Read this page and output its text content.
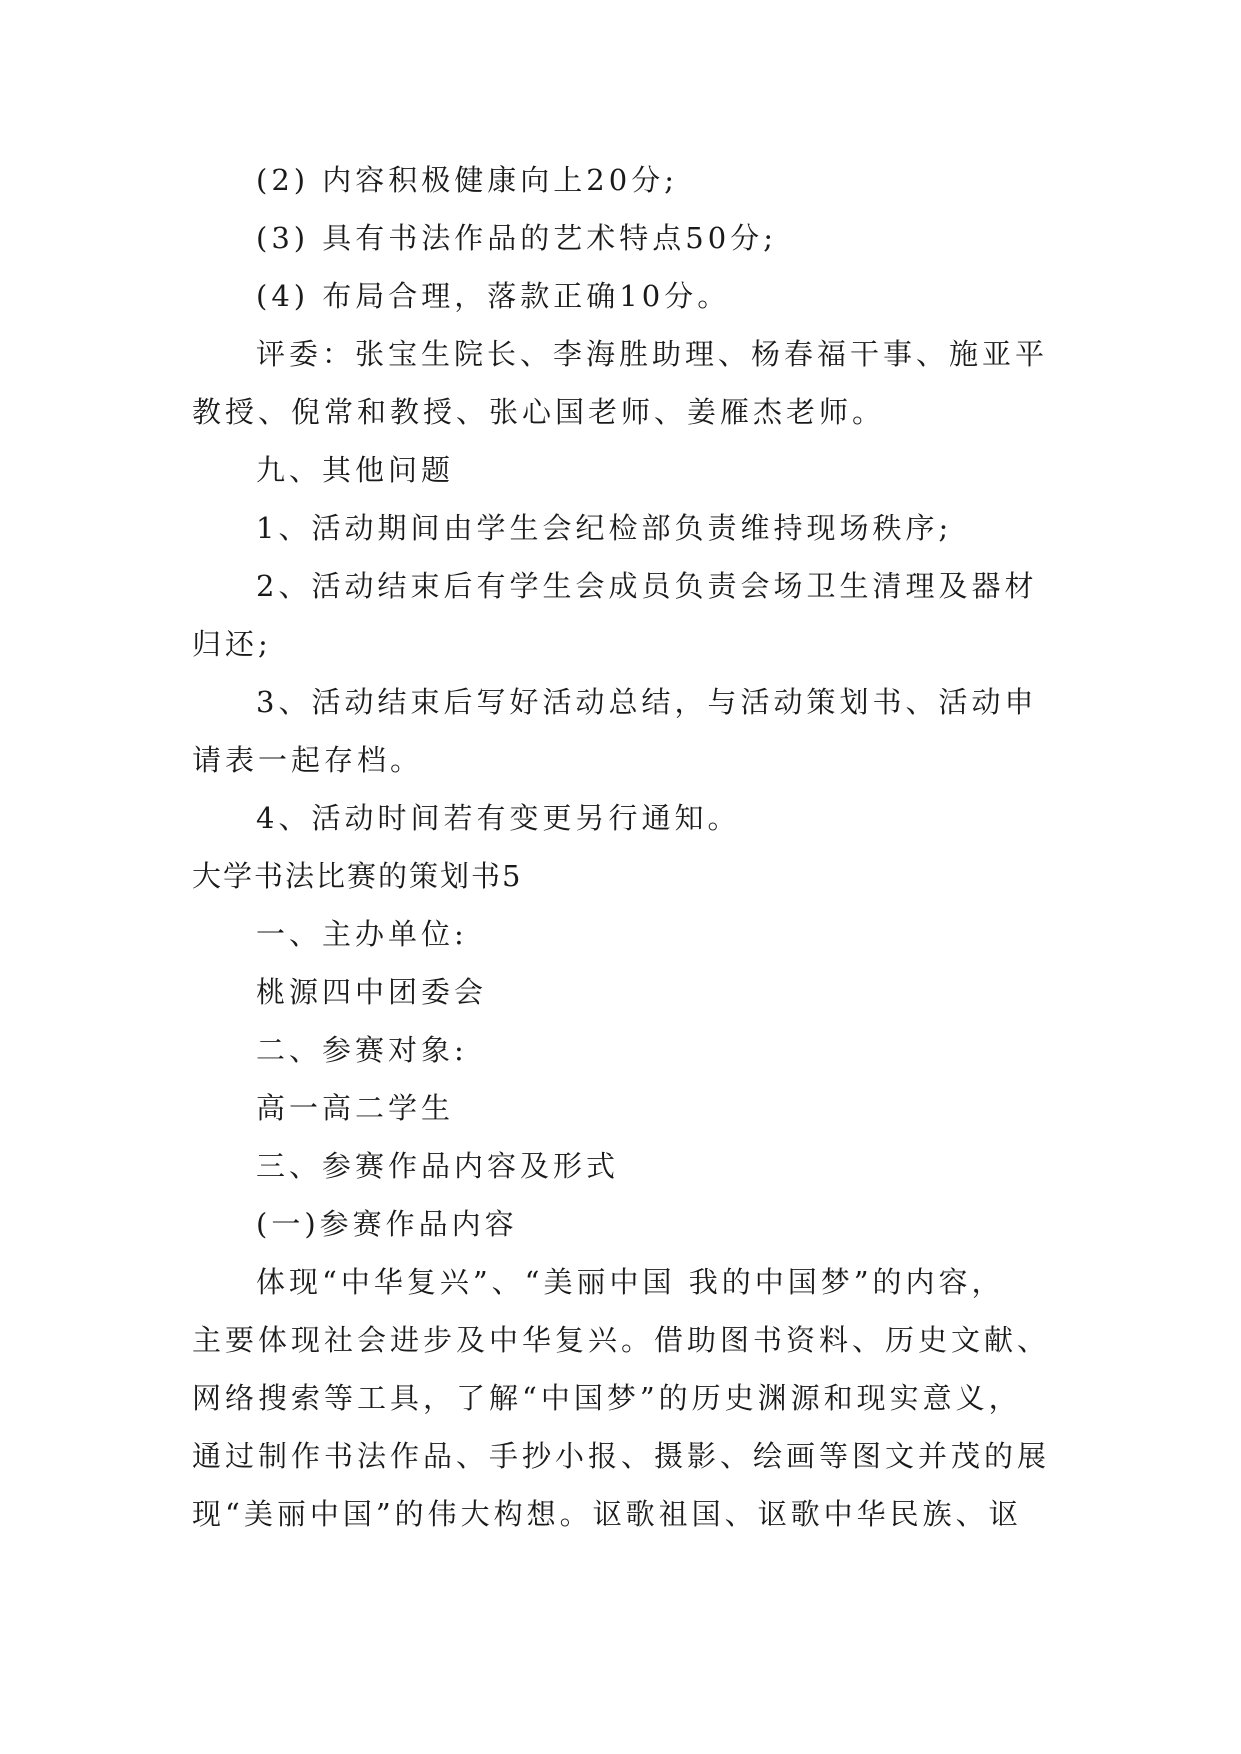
(2) 内容积极健康向上20分;
(3) 具有书法作品的艺术特点50分;
(4) 布局合理，落款正确10分。
评委：张宝生院长、李海胜助理、杨春福干事、施亚平
教授、倪常和教授、张心国老师、姜雁杰老师。
九、其他问题
1、活动期间由学生会纪检部负责维持现场秩序;
2、活动结束后有学生会成员负责会场卫生清理及器材
归还;
3、活动结束后写好活动总结，与活动策划书、活动申
请表一起存档。
4、活动时间若有变更另行通知。
大学书法比赛的策划书5
一、主办单位:
桃源四中团委会
二、参赛对象:
高一高二学生
三、参赛作品内容及形式
(一)参赛作品内容
体现“中华复兴”、“美丽中国 我的中国梦”的内容，
主要体现社会进步及中华复兴。借助图书资料、历史文献、
网络搜索等工具，了解“中国梦”的历史渊源和现实意义，
通过制作书法作品、手抄小报、摄影、绘画等图文并茂的展
现“美丽中国”的伟大构想。讴歌祖国、讴歌中华民族、讴
